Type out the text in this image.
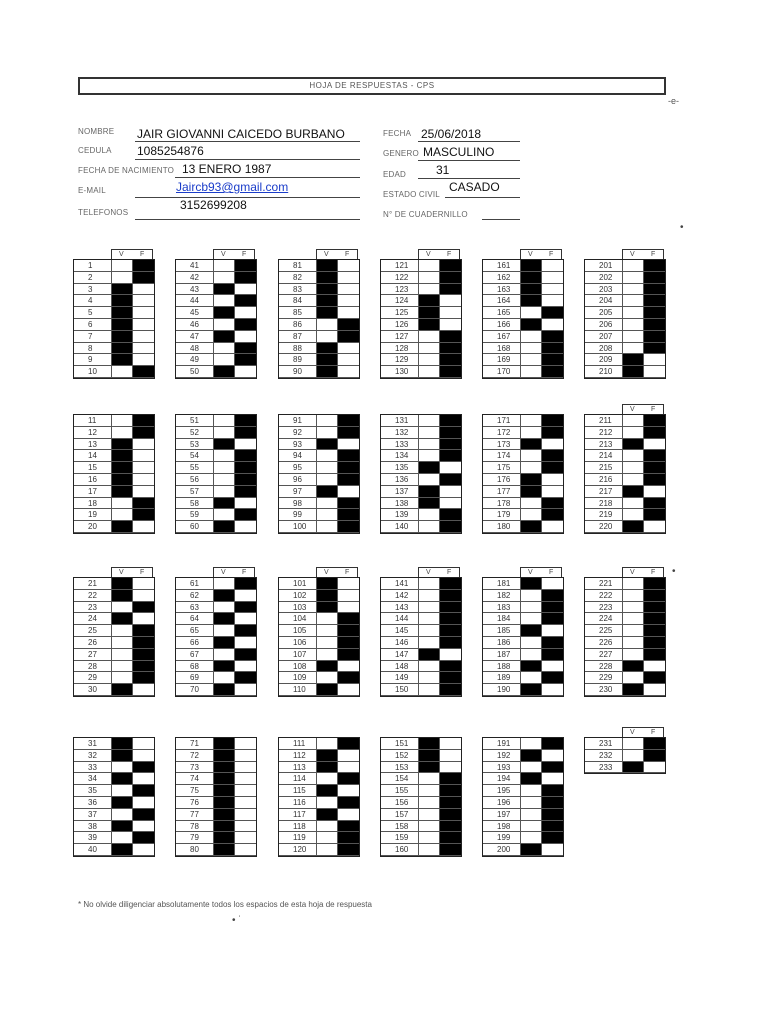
HOJA DE RESPUESTAS - CPS
-e-
NOMBRE JAIR GIOVANNI CAICEDO BURBANO
CEDULA 1085254876
FECHA DE NACIMIENTO 13 ENERO 1987
E-MAIL	Jaircb93@gmail.com
TELEFONOS
3152699208
FECHA 25/06/2018
GENERO MASCULINO
EDAD 31
ESTADO CIVIL
CASADO
N° DE CUADERNILLO
V F
1
2
3
4
5
6
7
8
9
10
11
12
13
14
15
16
17
18
19
20
V F
21
22
23
24
25
26
27
28
29
30
31
32
33
34
35
36
37
38
39
40
V F
41
42
43
44
45
46
47
48
49
50
51
52
53
54
55
56
57
58
59
60
V F
61
62
63
64
65
66
67
68
69
70
71
72
73
74
75
76
77
78
79
80
V F
81
82
83
84
85
86
87
88
89
90
91
92
93
94
95
96
97
98
99
100
V F
101
102
103
104
105
106
107
108
109
110
111
112
113
114
115
116
117
118
119
120
V F
121
122
123
124
125
126
127
128
129
130
131
132
133
134
135
136
137
138
139
140
V F
141
142
143
144
145
146
147
148
149
150
151
152
153
154
155
156
157
158
159
160
V F
161
162
163
164
165
166
167
168
169
170
171
172
173
174
175
176
177
178
179
180
V F
181
182
183
184
185
186
187
188
189
190
191
192
193
194
195
196
197
198
199
200
V F
201
202
203
204
205
206
207
208
209
210
V F
211
212
213
214
215
216
217
218
219
220
V F
221
222
223
224
225
226
227
228
229
230
V F
231
232
233
* No olvide diligenciar absolutamente todos los espacios de esta hoja de respuesta
•
•
• ˙
